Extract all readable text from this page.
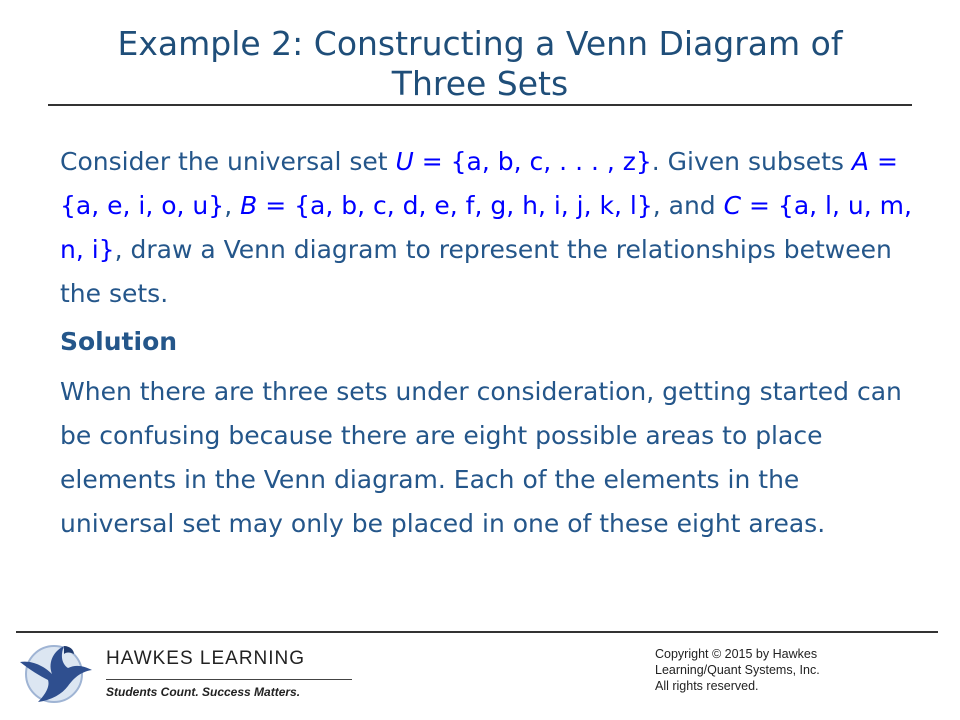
Example 2: Constructing a Venn Diagram of
Three Sets

Consider the universal set U = {a, b, c, . . . , z}. Given subsets A = {a, e, i, o, u}, B = {a, b, c, d, e, f, g, h, i, j, k, l}, and C = {a, l, u, m, n, i}, draw a Venn diagram to represent the relationships between the sets.

Solution

When there are three sets under consideration, getting started can be confusing because there are eight possible areas to place elements in the Venn diagram. Each of the elements in the universal set may only be placed in one of these eight areas.

HAWKES LEARNING
Students Count. Success Matters.
Copyright © 2015 by Hawkes
Learning/Quant Systems, Inc.
All rights reserved.
